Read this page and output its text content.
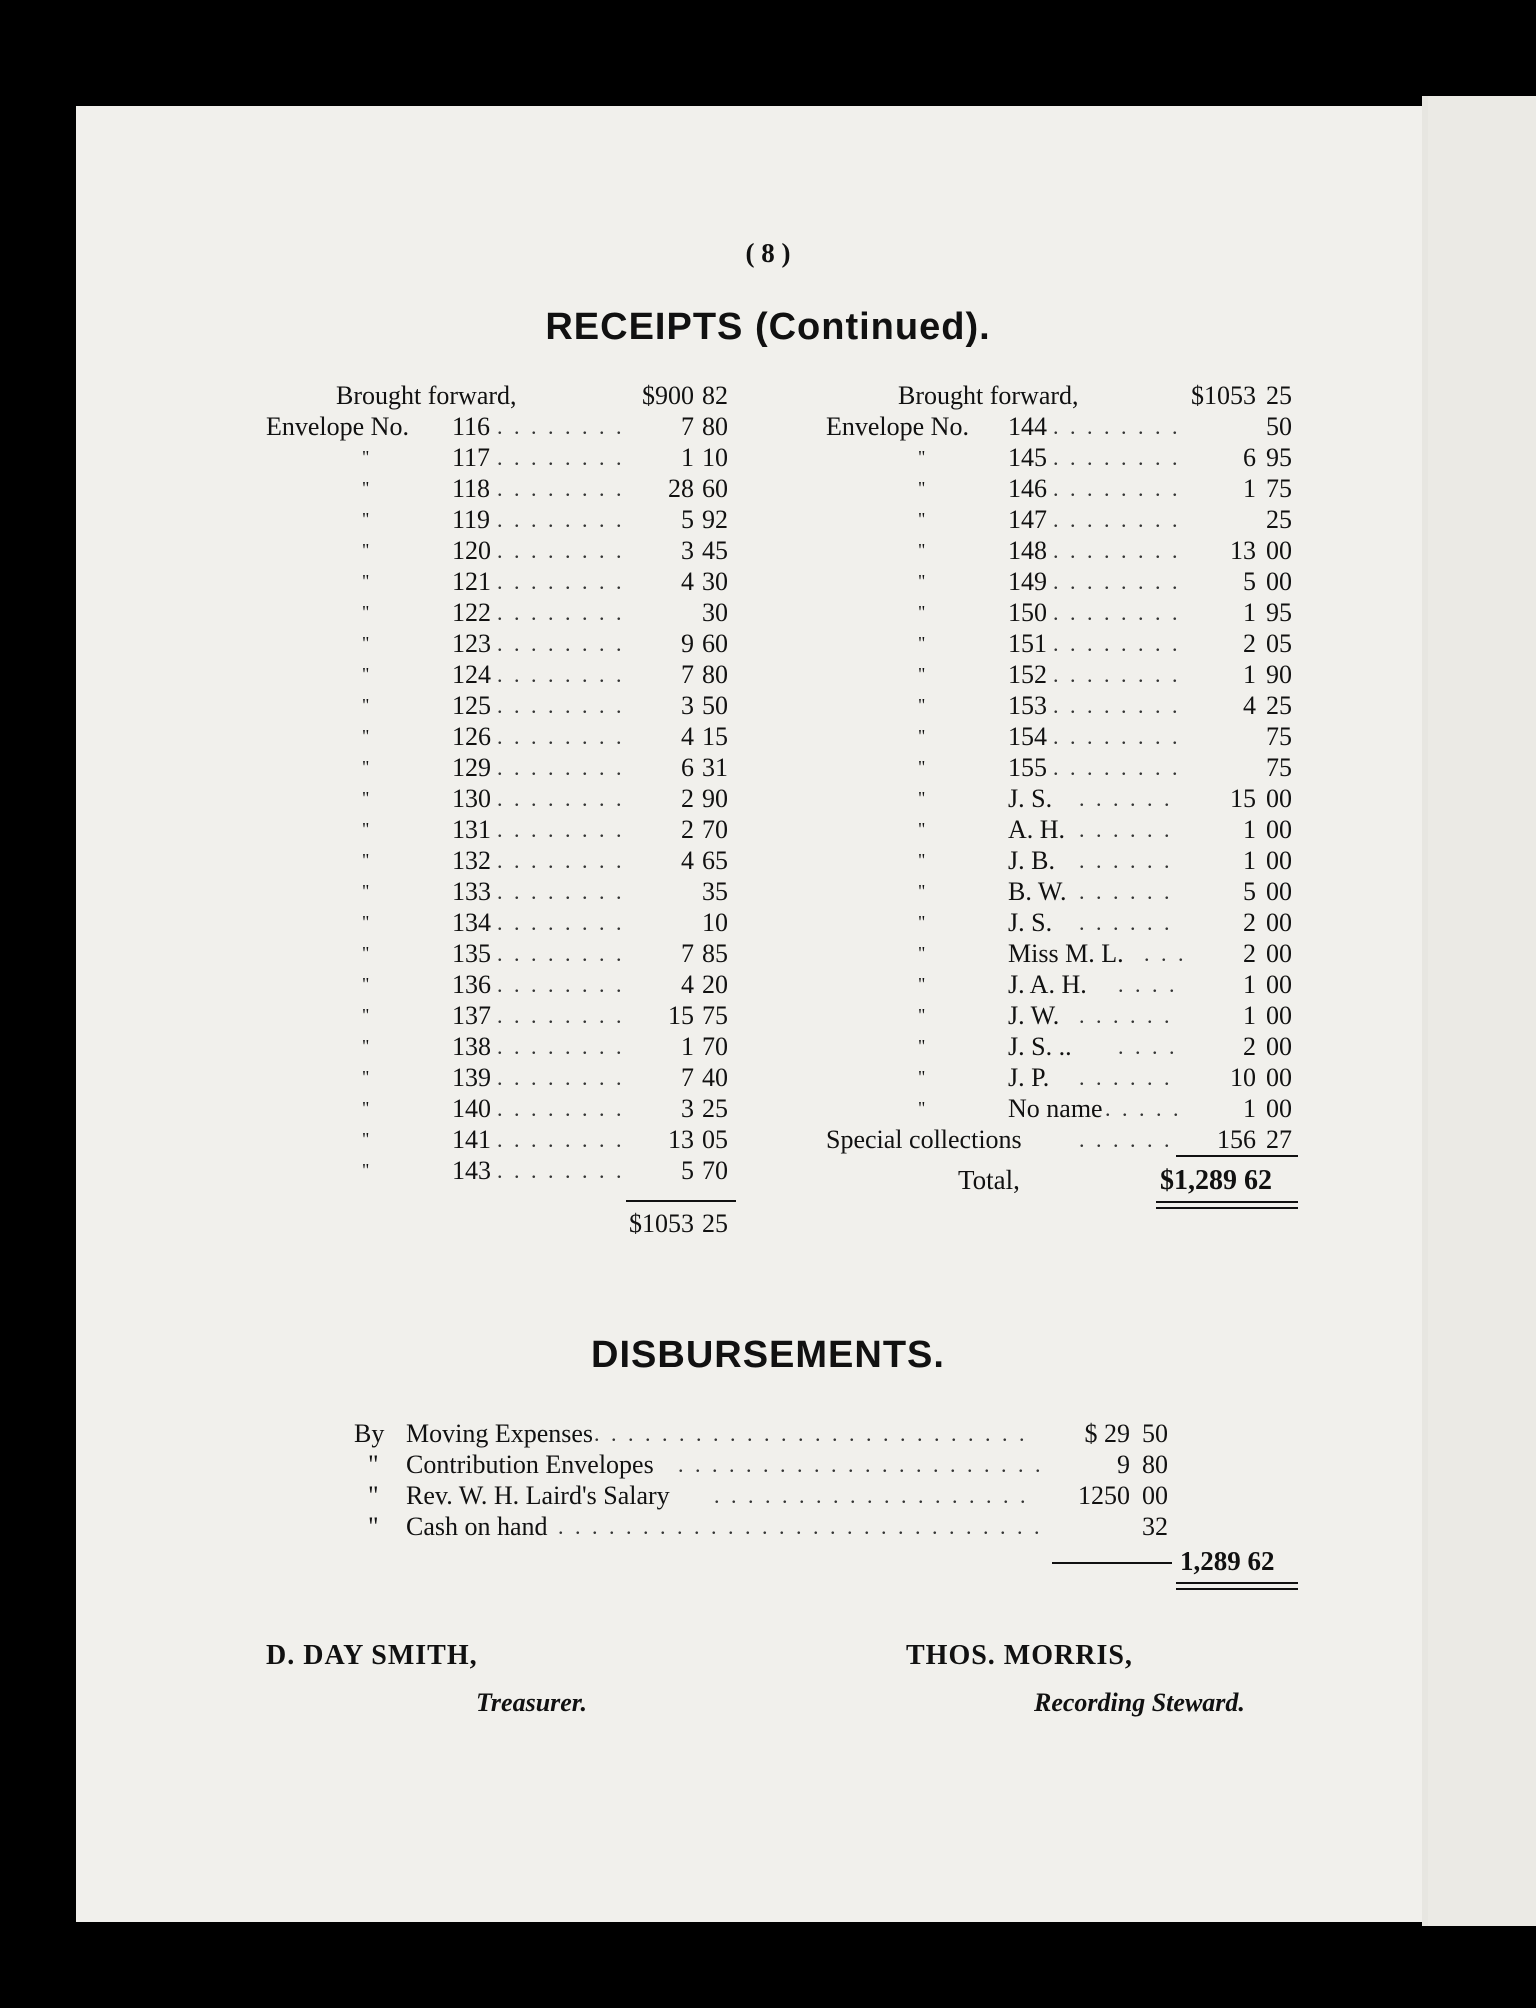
( 8 )
RECEIPTS (Continued).
Brought forward,	$900 82
Envelope No. 116 . . . . . . . .	7 80
"	117 . . . . . . . .	1 10
"	118 . . . . . . . .	28 60
"	119 . . . . . . . .	5 92
"	120 . . . . . . . .	3 45
"	121 . . . . . . . .	4 30
"	122 . . . . . . . .	30
"	123 . . . . . . . .	9 60
"	124 . . . . . . . .	7 80
"	125 . . . . . . . .	3 50
"	126 . . . . . . . .	4 15
"	129 . . . . . . . .	6 31
"	130 . . . . . . . .	2 90
"	131 . . . . . . . .	2 70
"	132 . . . . . . . .	4 65
"	133 . . . . . . . .	35
"	134 . . . . . . . .	10
"	135 . . . . . . . .	7 85
"	136 . . . . . . . .	4 20
"	137 . . . . . . . .	15 75
"	138 . . . . . . . .	1 70
"	139 . . . . . . . .	7 40
"	140 . . . . . . . .	3 25
"	141 . . . . . . . .	13 05
"	143 . . . . . . . .	5 70
$1053 25
Brought forward,	$1053 25
Envelope No. 144 . . . . . . . .	50
"	145 . . . . . . . .	6 95
"	146 . . . . . . . .	1 75
"	147 . . . . . . . .	25
"	148 . . . . . . . .	13 00
"	149 . . . . . . . .	5 00
"	150 . . . . . . . .	1 95
"	151 . . . . . . . .	2 05
"	152 . . . . . . . .	1 90
"	153 . . . . . . . .	4 25
"	154 . . . . . . . .	75
"	155 . . . . . . . .	75
"	J. S. . . . . . .	15 00
"	A. H. . . . . . .	1 00
"	J. B. . . . . . .	1 00
"	B. W. . . . . . .	5 00
"	J. S. . . . . . .	2 00
"	Miss M. L. . . .	2 00
"	J. A. H. . . . .	1 00
"	J. W. . . . . . .	1 00
"	J. S. .. . . . .	2 00
"	J. P. . . . . . .	10 00
"	No name . . . . .	1 00
Special collections	. . . . . .	156 27
Total,	$1,289 62
DISBURSEMENTS.
By Moving Expenses . . . . . . . . . . . . . . . . . . . . . . . . . .	$ 29 50
" Contribution Envelopes . . . . . . . . . . . . . . . . . . . . . .	9 80
" Rev. W. H. Laird's Salary . . . . . . . . . . . . . . . . . . .	1250 00
" Cash on hand . . . . . . . . . . . . . . . . . . . . . . . . . . . . .	32
1,289 62
D. DAY SMITH,
Treasurer.
THOS. MORRIS,
Recording Steward.
